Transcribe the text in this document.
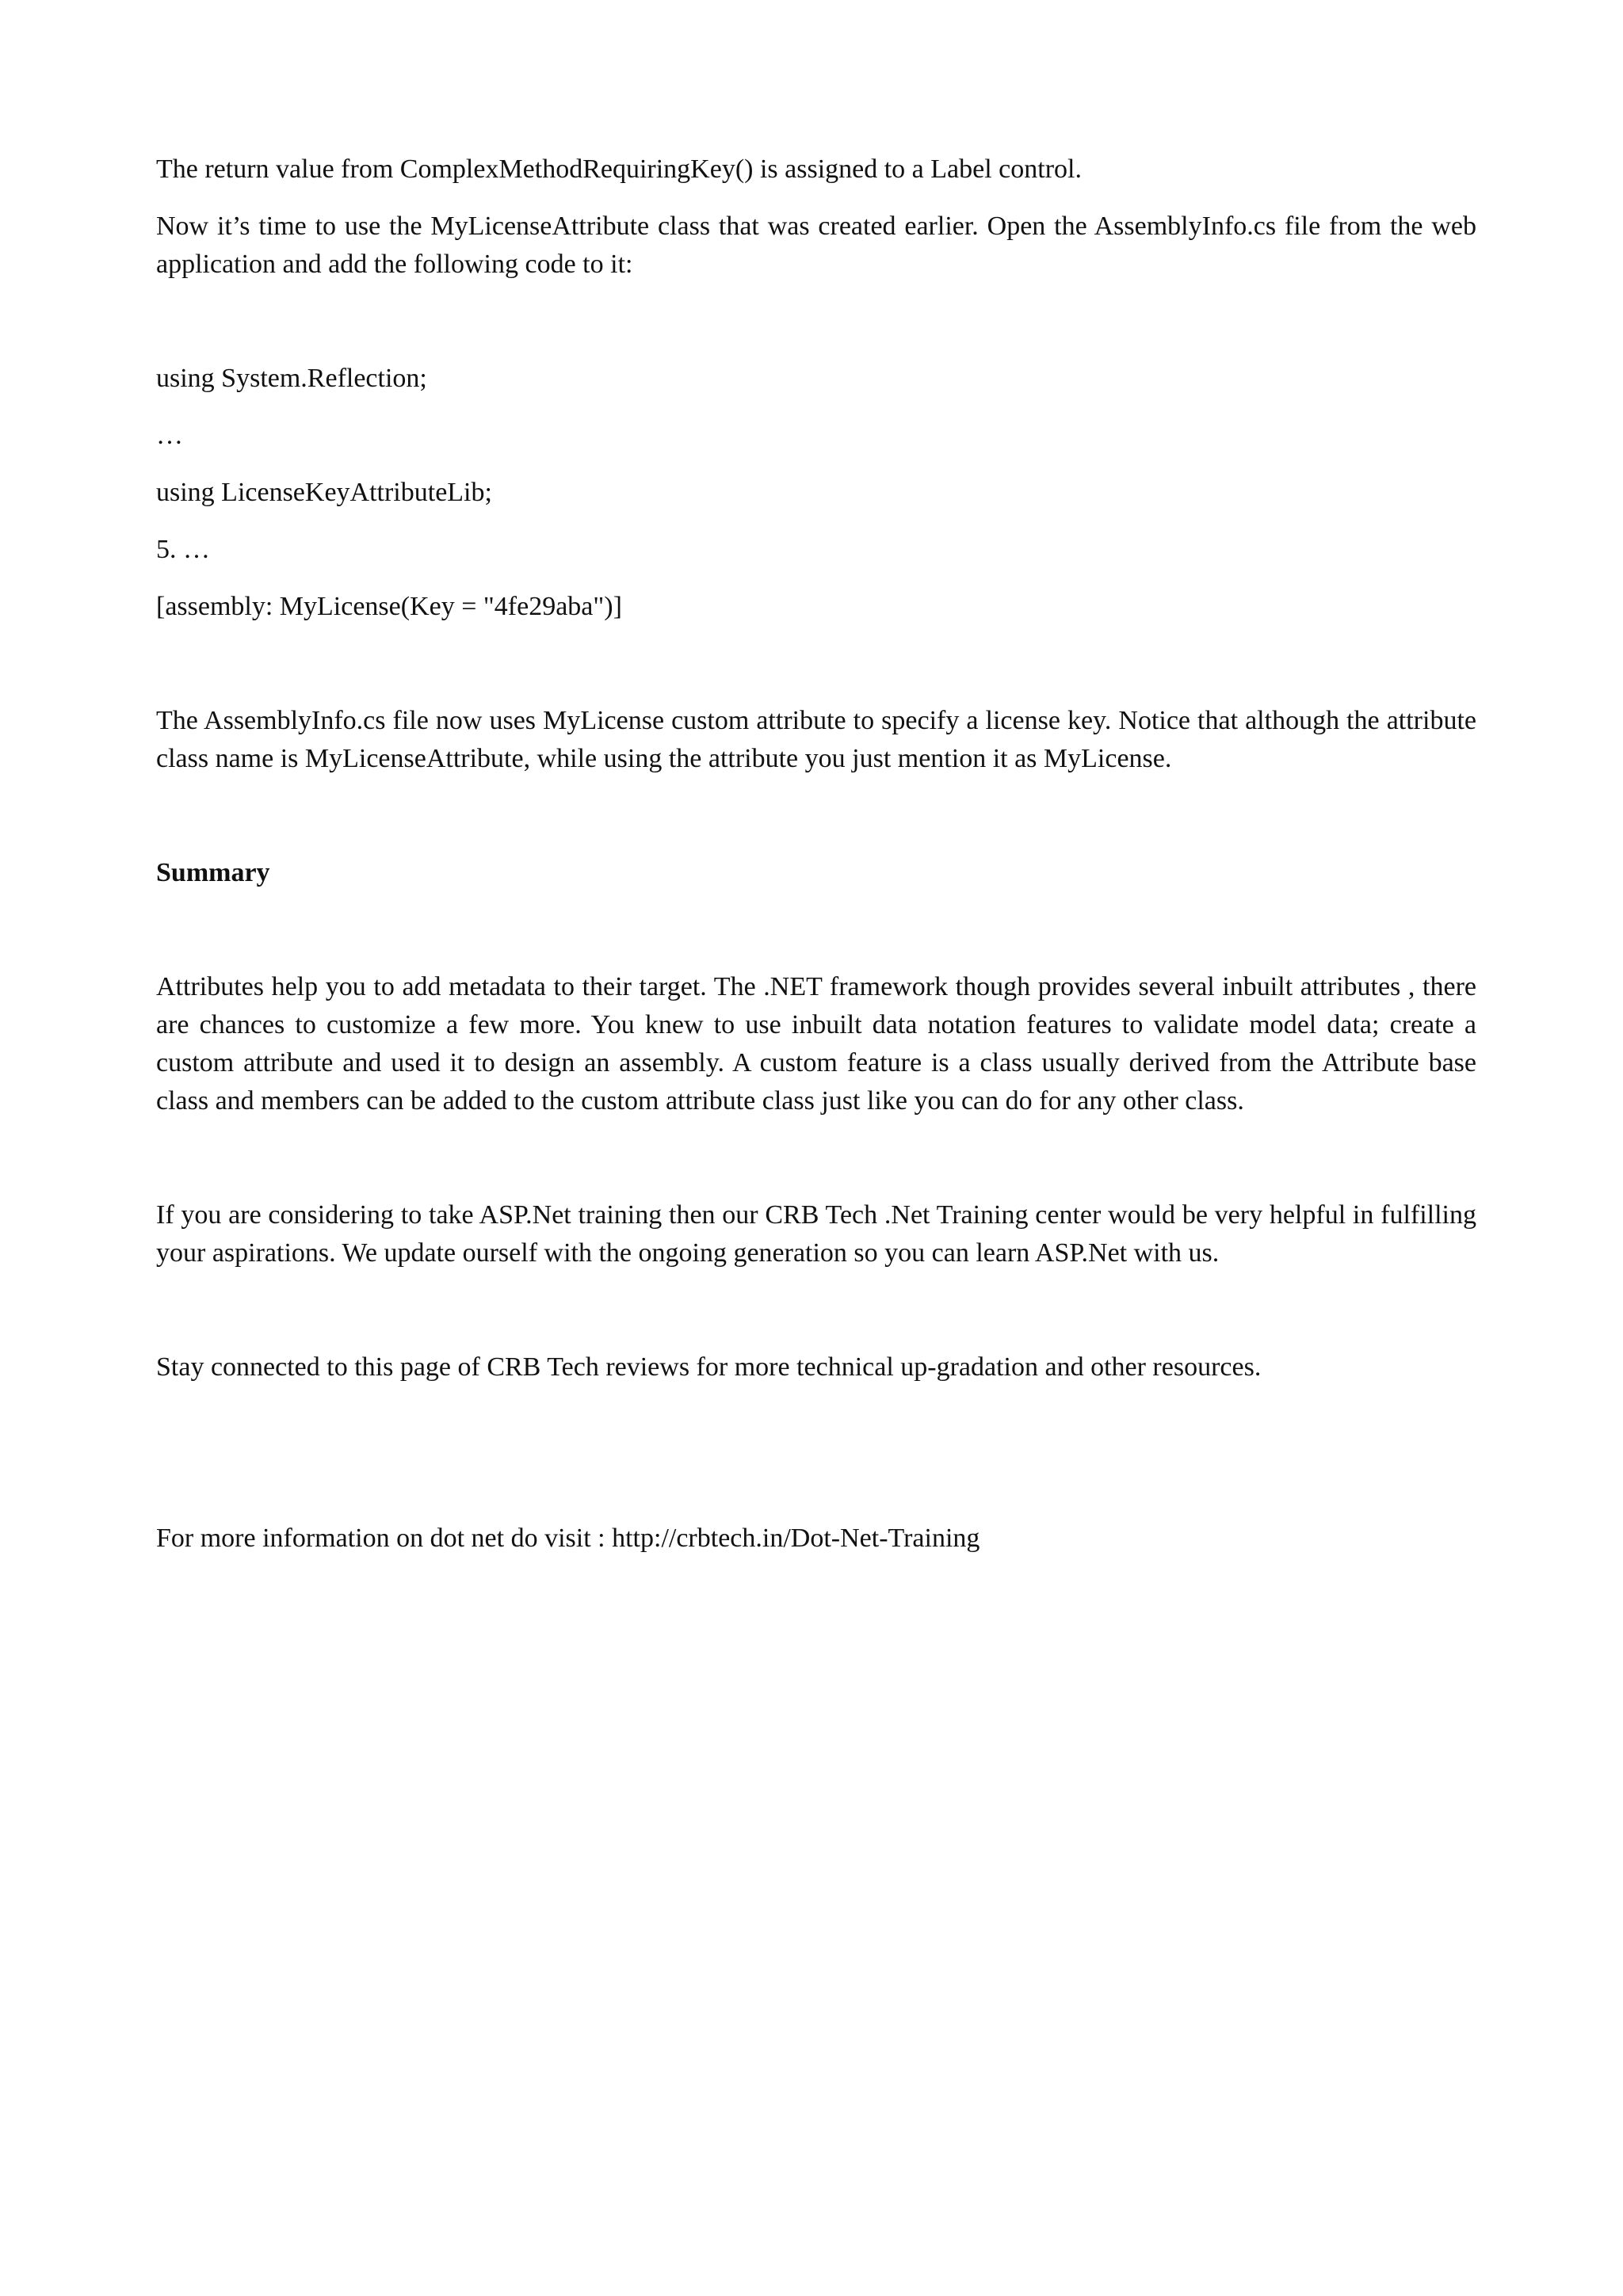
The return value from ComplexMethodRequiringKey() is assigned to a Label control.

Now it’s time to use the MyLicenseAttribute class that was created earlier. Open the AssemblyInfo.cs file from the web application and add the following code to it:

using System.Reflection;

…

using LicenseKeyAttributeLib;

5. …

[assembly: MyLicense(Key = "4fe29aba")]

The AssemblyInfo.cs file now uses MyLicense custom attribute to specify a license key. Notice that although the attribute class name is MyLicenseAttribute, while using the attribute you just mention it as MyLicense.

Summary

Attributes help you to add metadata to their target. The .NET framework though provides several inbuilt attributes , there are chances to customize a few more. You knew to use inbuilt data notation features to validate model data; create a custom attribute and used it to design an assembly. A custom feature is a class usually derived from the Attribute base class and members can be added to the custom attribute class just like you can do for any other class.

If you are considering to take ASP.Net training then our CRB Tech .Net Training center would be very helpful in fulfilling your aspirations. We update ourself with the ongoing generation so you can learn ASP.Net with us.

Stay connected to this page of CRB Tech reviews for more technical up-gradation and other resources.

For more information on dot net do visit : http://crbtech.in/Dot-Net-Training
